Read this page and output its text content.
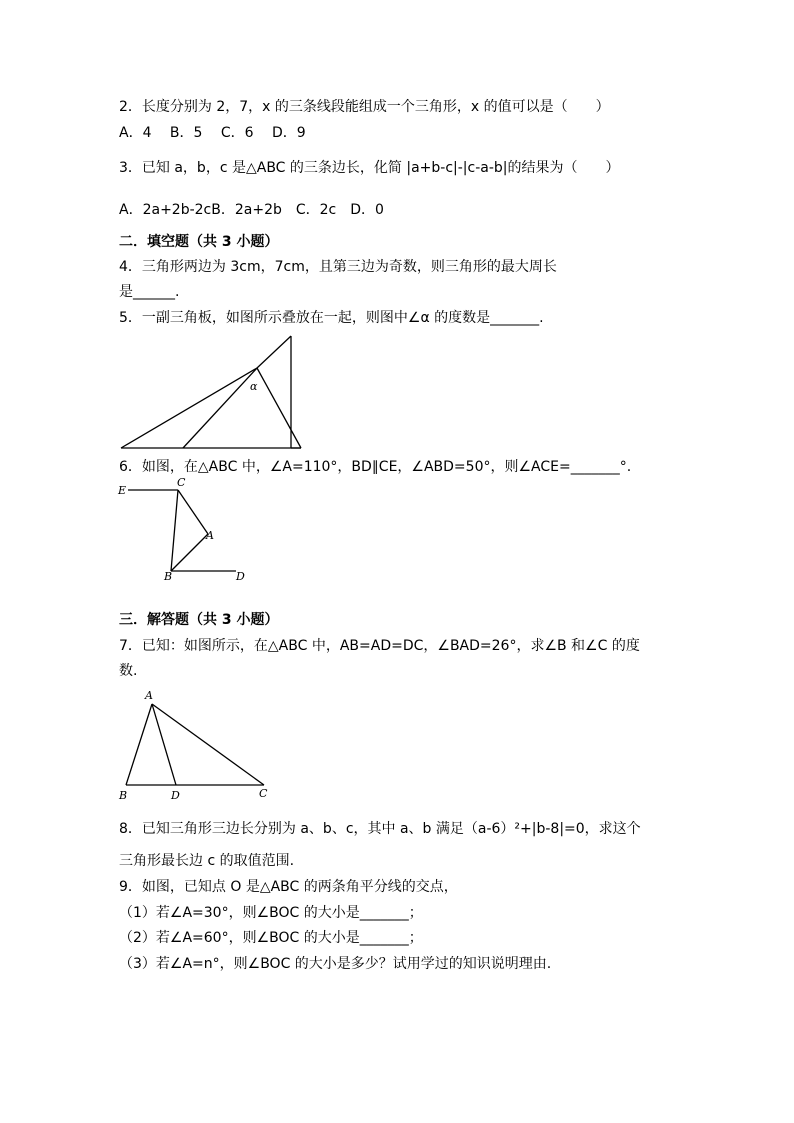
2．长度分别为 2，7，x 的三条线段能组成一个三角形，x 的值可以是（　　）
A．4　 B．5　 C．6　 D．9
3．已知 a，b，c 是△ABC 的三条边长，化简 |a+b-c|-|c-a-b|的结果为（　　）
A．2a+2b-2cB．2a+2b　C．2c　D．0
二．填空题（共 3 小题）
4．三角形两边为 3cm，7cm，且第三边为奇数，则三角形的最大周长
是______.
5．一副三角板，如图所示叠放在一起，则图中∠α 的度数是_______.
α
6．如图，在△ABC 中，∠A=110°，BD∥CE，∠ABD=50°，则∠ACE=_______°.
E
C
A
B	D
三．解答题（共 3 小题）
7．已知：如图所示，在△ABC 中，AB=AD=DC，∠BAD=26°，求∠B 和∠C 的度
数.
A
B	D	C
8．已知三角形三边长分别为 a、b、c，其中 a、b 满足（a-6）²+|b-8|=0，求这个
三角形最长边 c 的取值范围.
9．如图，已知点 O 是△ABC 的两条角平分线的交点，
（1）若∠A=30°，则∠BOC 的大小是_______；
（2）若∠A=60°，则∠BOC 的大小是_______；
（3）若∠A=n°，则∠BOC 的大小是多少？试用学过的知识说明理由.
